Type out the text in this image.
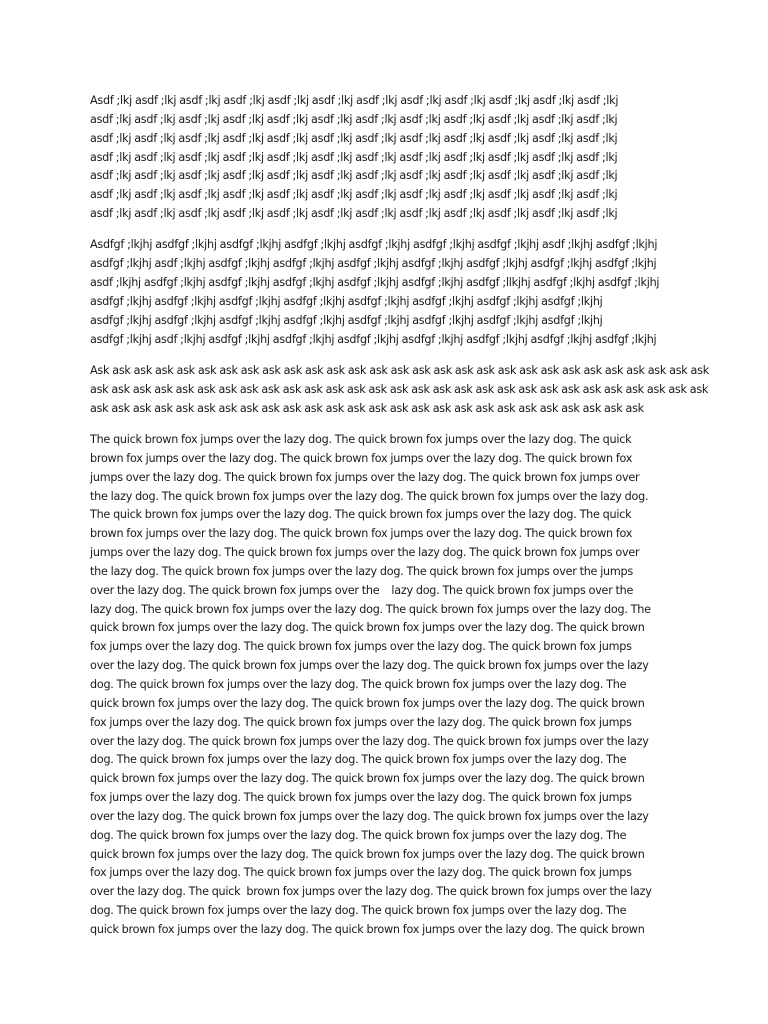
Asdf ;lkj asdf ;lkj asdf ;lkj asdf ;lkj asdf ;lkj asdf ;lkj asdf ;lkj asdf ;lkj asdf ;lkj asdf ;lkj asdf ;lkj asdf ;lkj
asdf ;lkj asdf ;lkj asdf ;lkj asdf ;lkj asdf ;lkj asdf ;lkj asdf ;lkj asdf ;lkj asdf ;lkj asdf ;lkj asdf ;lkj asdf ;lkj
asdf ;lkj asdf ;lkj asdf ;lkj asdf ;lkj asdf ;lkj asdf ;lkj asdf ;lkj asdf ;lkj asdf ;lkj asdf ;lkj asdf ;lkj asdf ;lkj
asdf ;lkj asdf ;lkj asdf ;lkj asdf ;lkj asdf ;lkj asdf ;lkj asdf ;lkj asdf ;lkj asdf ;lkj asdf ;lkj asdf ;lkj asdf ;lkj
asdf ;lkj asdf ;lkj asdf ;lkj asdf ;lkj asdf ;lkj asdf ;lkj asdf ;lkj asdf ;lkj asdf ;lkj asdf ;lkj asdf ;lkj asdf ;lkj
asdf ;lkj asdf ;lkj asdf ;lkj asdf ;lkj asdf ;lkj asdf ;lkj asdf ;lkj asdf ;lkj asdf ;lkj asdf ;lkj asdf ;lkj asdf ;lkj
asdf ;lkj asdf ;lkj asdf ;lkj asdf ;lkj asdf ;lkj asdf ;lkj asdf ;lkj asdf ;lkj asdf ;lkj asdf ;lkj asdf ;lkj asdf ;lkj

Asdfgf ;lkjhj asdfgf ;lkjhj asdfgf ;lkjhj asdfgf ;lkjhj asdfgf ;lkjhj asdfgf ;lkjhj asdfgf ;lkjhj asdf ;lkjhj asdfgf ;lkjhj
asdfgf ;lkjhj asdf ;lkjhj asdfgf ;lkjhj asdfgf ;lkjhj asdfgf ;lkjhj asdfgf ;lkjhj asdfgf ;lkjhj asdfgf ;lkjhj asdfgf ;lkjhj
asdf ;lkjhj asdfgf ;lkjhj asdfgf ;lkjhj asdfgf ;lkjhj asdfgf ;lkjhj asdfgf ;lkjhj asdfgf ;llkjhj asdfgf ;lkjhj asdfgf ;lkjhj
asdfgf ;lkjhj asdfgf ;lkjhj asdfgf ;lkjhj asdfgf ;lkjhj asdfgf ;lkjhj asdfgf ;lkjhj asdfgf ;lkjhj asdfgf ;lkjhj
asdfgf ;lkjhj asdfgf ;lkjhj asdfgf ;lkjhj asdfgf ;lkjhj asdfgf ;lkjhj asdfgf ;lkjhj asdfgf ;lkjhj asdfgf ;lkjhj
asdfgf ;lkjhj asdf ;lkjhj asdfgf ;lkjhj asdfgf ;lkjhj asdfgf ;lkjhj asdfgf ;lkjhj asdfgf ;lkjhj asdfgf ;lkjhj asdfgf ;lkjhj

Ask ask ask ask ask ask ask ask ask ask ask ask ask ask ask ask ask ask ask ask ask ask ask ask ask ask ask ask ask
ask ask ask ask ask ask ask ask ask ask ask ask ask ask ask ask ask ask ask ask ask ask ask ask ask ask ask ask ask
ask ask ask ask ask ask ask ask ask ask ask ask ask ask ask ask ask ask ask ask ask ask ask ask ask ask

The quick brown fox jumps over the lazy dog. The quick brown fox jumps over the lazy dog. The quick
brown fox jumps over the lazy dog. The quick brown fox jumps over the lazy dog. The quick brown fox
jumps over the lazy dog. The quick brown fox jumps over the lazy dog. The quick brown fox jumps over
the lazy dog. The quick brown fox jumps over the lazy dog. The quick brown fox jumps over the lazy dog.
The quick brown fox jumps over the lazy dog. The quick brown fox jumps over the lazy dog. The quick
brown fox jumps over the lazy dog. The quick brown fox jumps over the lazy dog. The quick brown fox
jumps over the lazy dog. The quick brown fox jumps over the lazy dog. The quick brown fox jumps over
the lazy dog. The quick brown fox jumps over the lazy dog. The quick brown fox jumps over the jumps
over the lazy dog. The quick brown fox jumps over the    lazy dog. The quick brown fox jumps over the
lazy dog. The quick brown fox jumps over the lazy dog. The quick brown fox jumps over the lazy dog. The
quick brown fox jumps over the lazy dog. The quick brown fox jumps over the lazy dog. The quick brown
fox jumps over the lazy dog. The quick brown fox jumps over the lazy dog. The quick brown fox jumps
over the lazy dog. The quick brown fox jumps over the lazy dog. The quick brown fox jumps over the lazy
dog. The quick brown fox jumps over the lazy dog. The quick brown fox jumps over the lazy dog. The
quick brown fox jumps over the lazy dog. The quick brown fox jumps over the lazy dog. The quick brown
fox jumps over the lazy dog. The quick brown fox jumps over the lazy dog. The quick brown fox jumps
over the lazy dog. The quick brown fox jumps over the lazy dog. The quick brown fox jumps over the lazy
dog. The quick brown fox jumps over the lazy dog. The quick brown fox jumps over the lazy dog. The
quick brown fox jumps over the lazy dog. The quick brown fox jumps over the lazy dog. The quick brown
fox jumps over the lazy dog. The quick brown fox jumps over the lazy dog. The quick brown fox jumps
over the lazy dog. The quick brown fox jumps over the lazy dog. The quick brown fox jumps over the lazy
dog. The quick brown fox jumps over the lazy dog. The quick brown fox jumps over the lazy dog. The
quick brown fox jumps over the lazy dog. The quick brown fox jumps over the lazy dog. The quick brown
fox jumps over the lazy dog. The quick brown fox jumps over the lazy dog. The quick brown fox jumps
over the lazy dog. The quick  brown fox jumps over the lazy dog. The quick brown fox jumps over the lazy
dog. The quick brown fox jumps over the lazy dog. The quick brown fox jumps over the lazy dog. The
quick brown fox jumps over the lazy dog. The quick brown fox jumps over the lazy dog. The quick brown
